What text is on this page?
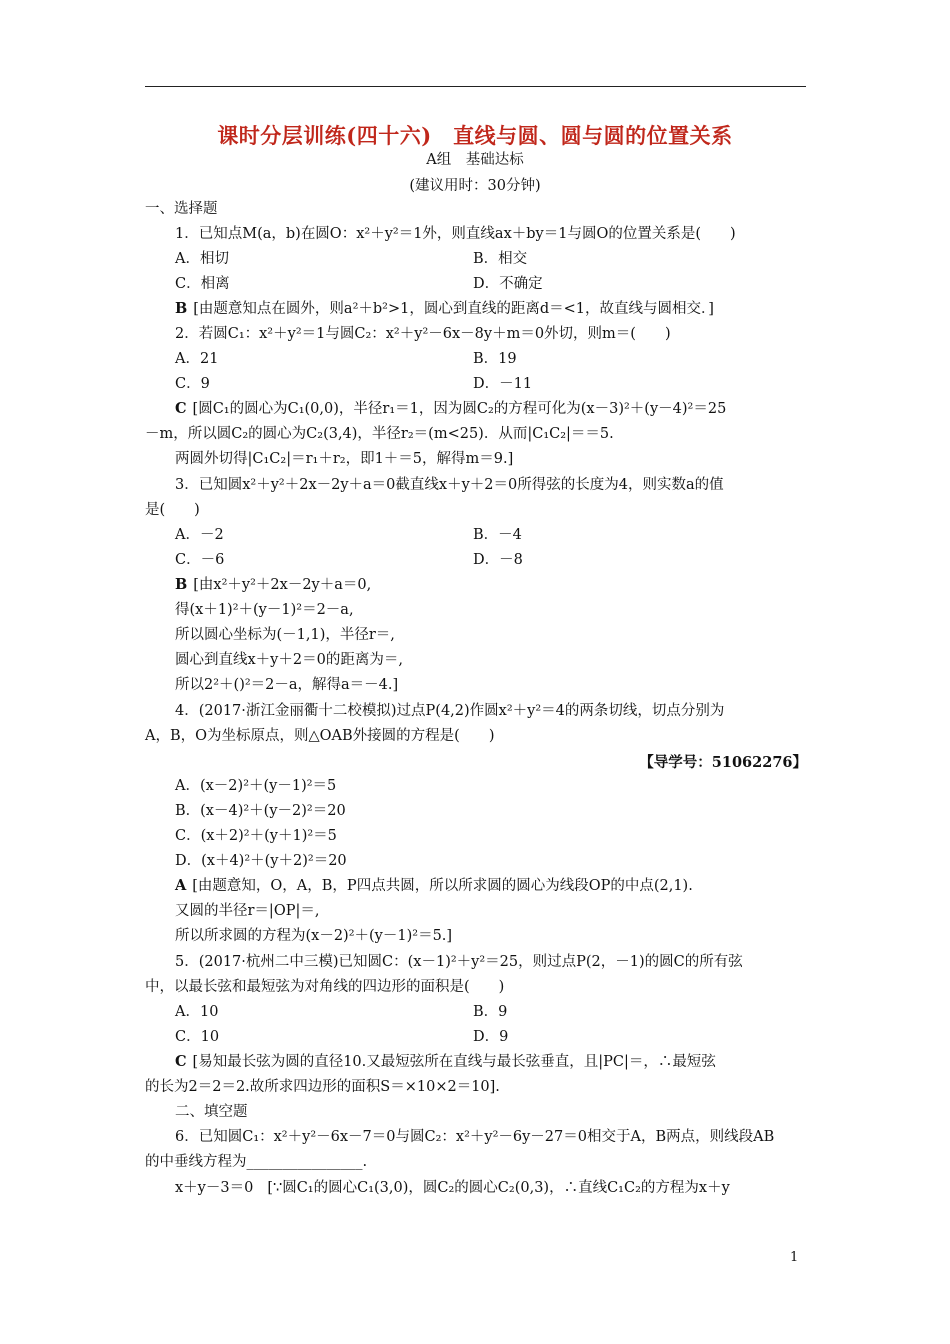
课时分层训练(四十六)　直线与圆、圆与圆的位置关系
A组　基础达标
(建议用时：30分钟)
一、选择题
1．已知点M(a，b)在圆O：x²＋y²＝1外，则直线ax＋by＝1与圆O的位置关系是(　　)
A．相切	B．相交
C．相离	D．不确定
B [由题意知点在圆外，则a²＋b²>1，圆心到直线的距离d＝<1，故直线与圆相交．]
2．若圆C₁：x²＋y²＝1与圆C₂：x²＋y²－6x－8y＋m＝0外切，则m＝(　　)
A．21	B．19
C．9	D．－11
C [圆C₁的圆心为C₁(0,0)，半径r₁＝1，因为圆C₂的方程可化为(x－3)²＋(y－4)²＝25
－m，所以圆C₂的圆心为C₂(3,4)，半径r₂＝(m<25)．从而|C₁C₂|＝＝5.
两圆外切得|C₁C₂|＝r₁＋r₂，即1＋＝5，解得m＝9.]
3．已知圆x²＋y²＋2x－2y＋a＝0截直线x＋y＋2＝0所得弦的长度为4，则实数a的值
是(　　)
A．－2	B．－4
C．－6	D．－8
B [由x²＋y²＋2x－2y＋a＝0,
得(x＋1)²＋(y－1)²＝2－a,
所以圆心坐标为(－1,1)，半径r＝,
圆心到直线x＋y＋2＝0的距离为＝,
所以2²＋()²＝2－a，解得a＝－4.]
4．(2017·浙江金丽衢十二校模拟)过点P(4,2)作圆x²＋y²＝4的两条切线，切点分别为
A，B，O为坐标原点，则△OAB外接圆的方程是(　　)
【导学号：51062276】
A．(x－2)²＋(y－1)²＝5
B．(x－4)²＋(y－2)²＝20
C．(x＋2)²＋(y＋1)²＝5
D．(x＋4)²＋(y＋2)²＝20
A [由题意知，O，A，B，P四点共圆，所以所求圆的圆心为线段OP的中点(2,1).
又圆的半径r＝|OP|＝,
所以所求圆的方程为(x－2)²＋(y－1)²＝5.]
5．(2017·杭州二中三模)已知圆C：(x－1)²＋y²＝25，则过点P(2，－1)的圆C的所有弦
中，以最长弦和最短弦为对角线的四边形的面积是(　　)
A．10	B．9
C．10	D．9
C [易知最长弦为圆的直径10.又最短弦所在直线与最长弦垂直，且|PC|＝，∴最短弦
的长为2＝2＝2.故所求四边形的面积S＝×10×2＝10].
二、填空题
6．已知圆C₁：x²＋y²－6x－7＝0与圆C₂：x²＋y²－6y－27＝0相交于A，B两点，则线段AB
的中垂线方程为________________.
x＋y－3＝0 [∵圆C₁的圆心C₁(3,0)，圆C₂的圆心C₂(0,3)，∴直线C₁C₂的方程为x＋y
1
